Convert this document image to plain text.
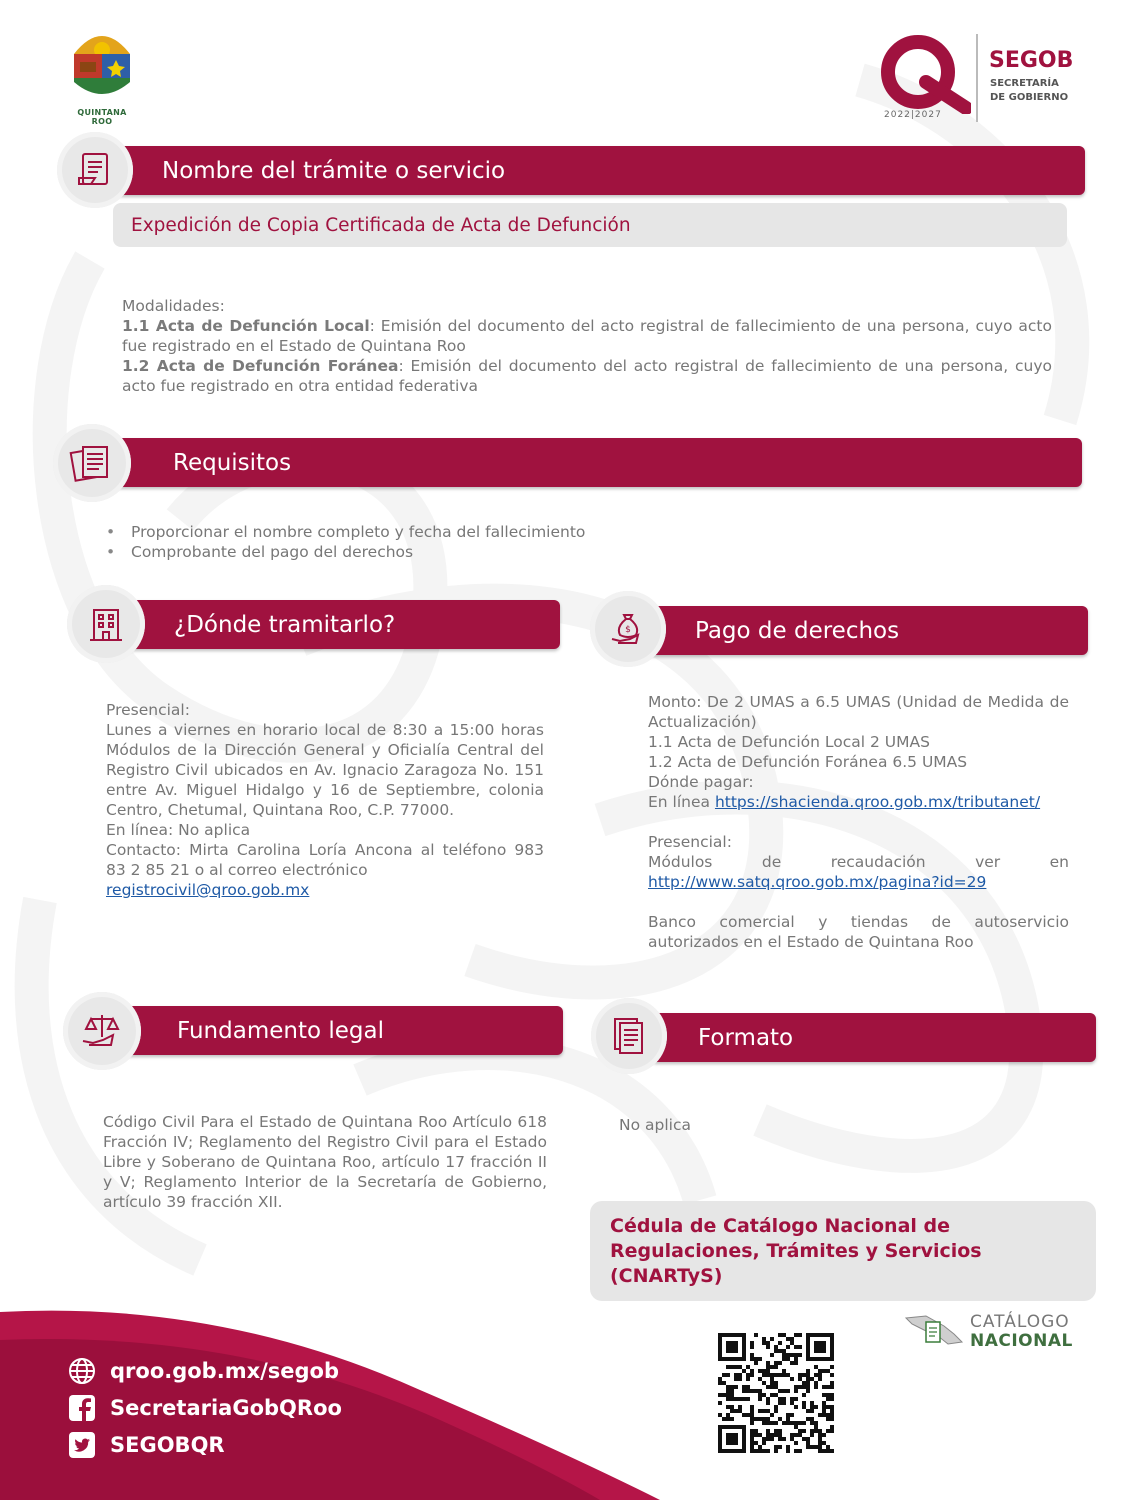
QUINTANA ROO
2022|2027
SEGOB
SECRETARÍA
DE GOBIERNO
Nombre del trámite o servicio
Expedición de Copia Certificada de Acta de Defunción
Modalidades:
1.1 Acta de Defunción Local: Emisión del documento del acto registral de fallecimiento de una persona, cuyo acto fue registrado en el Estado de Quintana Roo
1.2 Acta de Defunción Foránea: Emisión del documento del acto registral de fallecimiento de una persona, cuyo acto fue registrado en otra entidad federativa
Requisitos
• Proporcionar el nombre completo y fecha del fallecimiento
• Comprobante del pago del derechos
¿Dónde tramitarlo?
Presencial:
Lunes a viernes en horario local de 8:30 a 15:00 horas Módulos de la Dirección General y Oficialía Central del Registro Civil ubicados en Av. Ignacio Zaragoza No. 151 entre Av. Miguel Hidalgo y 16 de Septiembre, colonia Centro, Chetumal, Quintana Roo, C.P. 77000.
En línea: No aplica
Contacto: Mirta Carolina Loría Ancona al teléfono 983 83 2 85 21 o al correo electrónico
registrocivil@qroo.gob.mx
Pago de derechos
$
Monto: De 2 UMAS a 6.5 UMAS (Unidad de Medida de Actualización)
1.1 Acta de Defunción Local 2 UMAS
1.2 Acta de Defunción Foránea 6.5 UMAS
Dónde pagar:
En línea https://shacienda.qroo.gob.mx/tributanet/
Presencial:
Módulos de recaudación ver en
http://www.satq.qroo.gob.mx/pagina?id=29
Banco comercial y tiendas de autoservicio autorizados en el Estado de Quintana Roo
Fundamento legal
Código Civil Para el Estado de Quintana Roo Artículo 618 Fracción IV; Reglamento del Registro Civil para el Estado Libre y Soberano de Quintana Roo, artículo 17 fracción II y V; Reglamento Interior de la Secretaría de Gobierno, artículo 39 fracción XII.
Formato
No aplica
Cédula de Catálogo Nacional de Regulaciones, Trámites y Servicios (CNARTyS)
CATÁLOGO
NACIONAL
qroo.gob.mx/segob
SecretariaGobQRoo
SEGOBQR
